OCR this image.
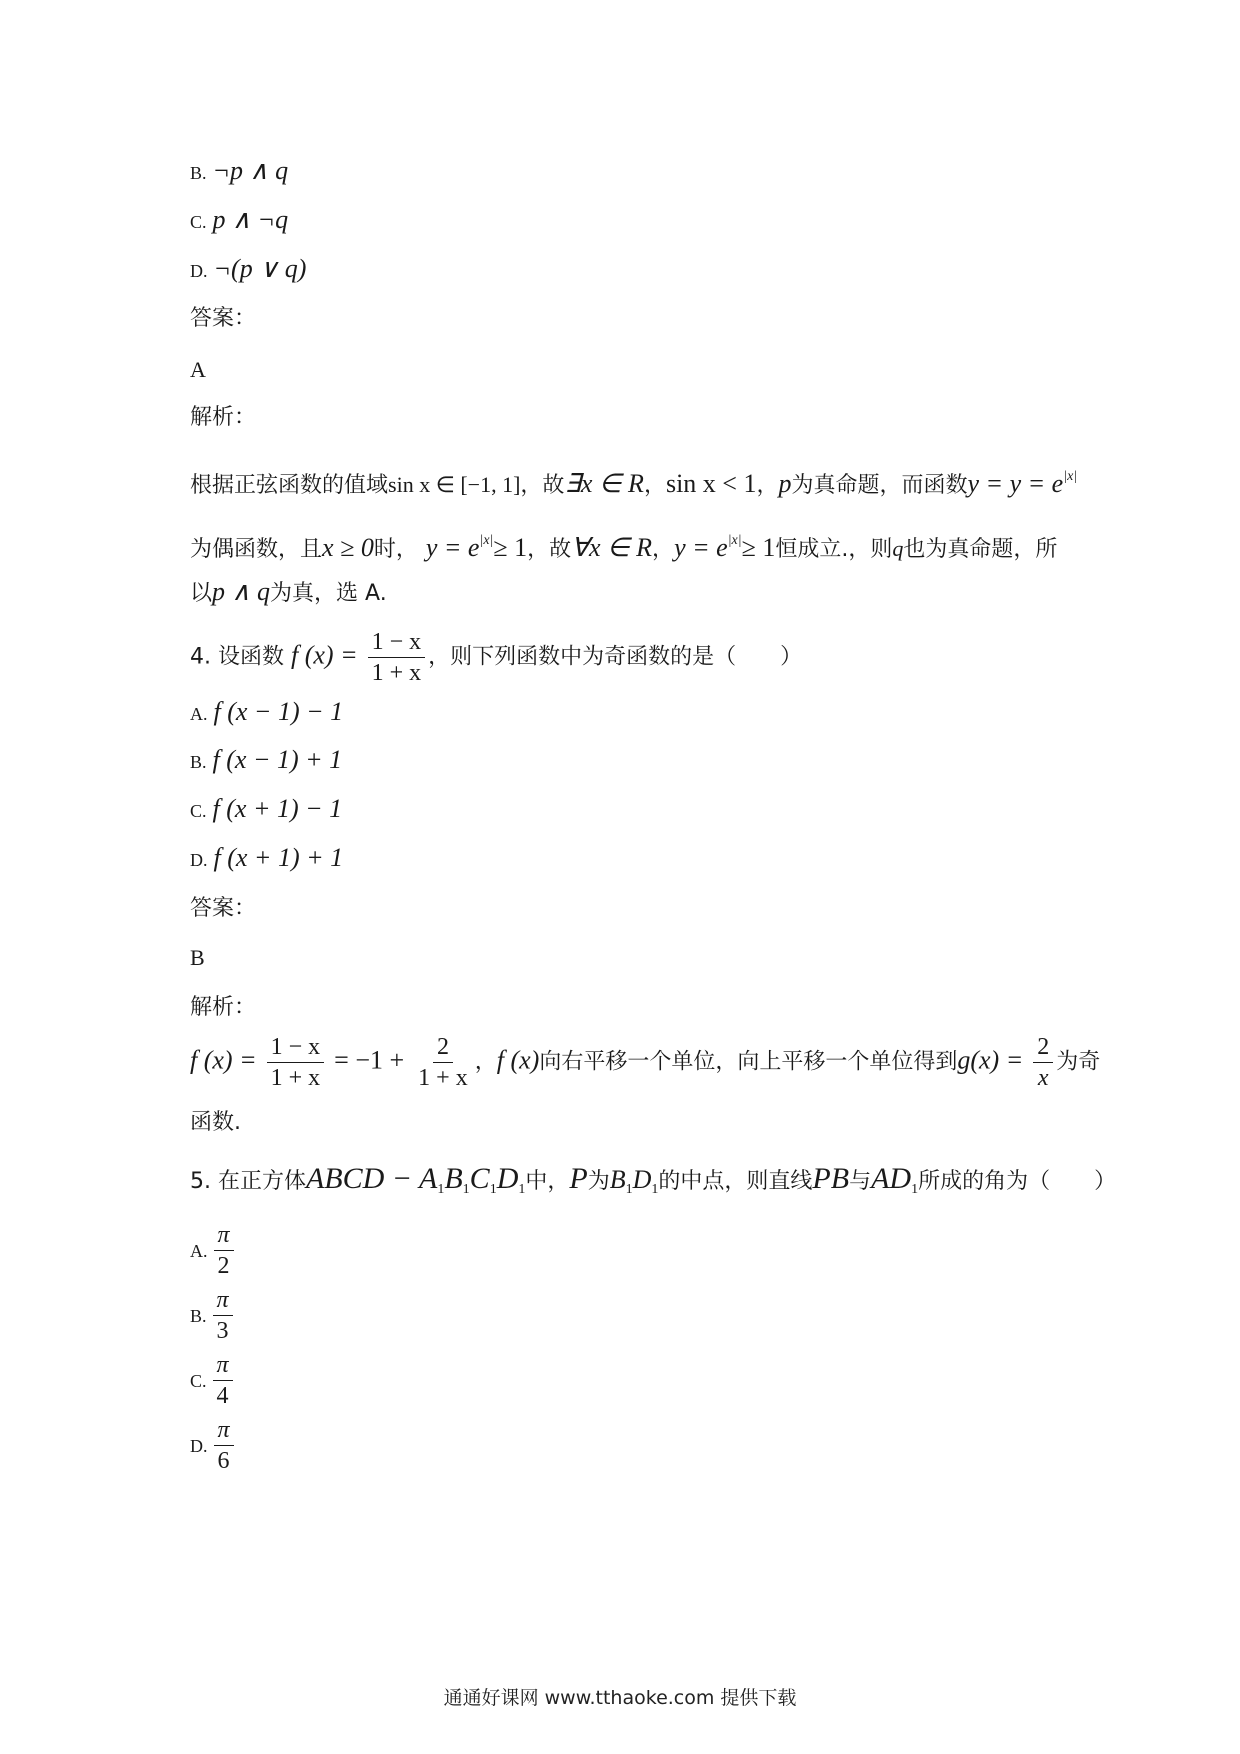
B. ¬p ∧ q
C. p ∧ ¬q
D. ¬(p ∨ q)
答案：
A
解析：
根据正弦函数的值域sin x ∈ [−1, 1]，故∃x ∈ R，sin x < 1，p为真命题，而函数$y = y = e^{|x|}$
为偶函数，且x ≥ 0时， $y = e^{|x|}\ge 1$，故∀x ∈ R，$y = e^{|x|}\ge 1$恒成立.，则q也为真命题，所
以p ∧ q为真，选 A.
4. 设函数 f $(x) = \frac{1 - x}{1 + x}$ ，则下列函数中为奇函数的是（　　）
A. f (x − 1) − 1
B. f (x − 1) + 1
C. f (x + 1) − 1
D. f (x + 1) + 1
答案：
B
解析：
f $(x) = \frac{1 - x}{1 + x} = -1 + \frac{2}{1 + x}$ ，f (x)向右平移一个单位，向上平移一个单位得到$g(x) = \frac{2}{x}$ 为奇
函数.
5. 在正方体ABCD − $A_1B_1C_1D_1$中，P为$B_1D_1$的中点，则直线PB与$AD_1$所成的角为（　　）
A. $\frac{\pi}{2}$
B. $\frac{\pi}{3}$
C. $\frac{\pi}{4}$
D. $\frac{\pi}{6}$
通通好课网 www.tthaoke.com 提供下载
